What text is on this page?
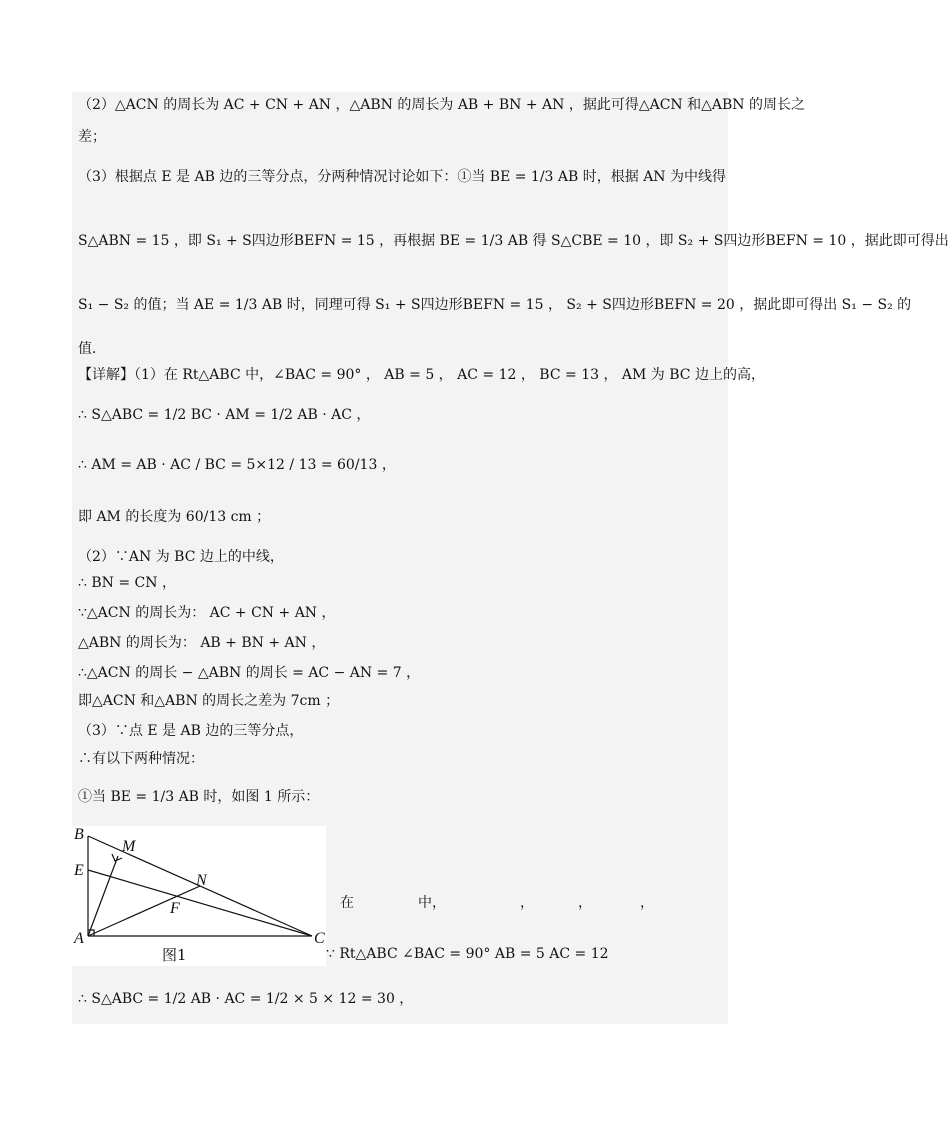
（2）△ACN 的周长为 AC + CN + AN ，△ABN 的周长为 AB + BN + AN ，据此可得△ACN 和△ABN 的周长之
差；
（3）根据点 E 是 AB 边的三等分点，分两种情况讨论如下：①当 BE = 1/3 AB 时，根据 AN 为中线得
S△ABN = 15 ，即 S₁ + S四边形BEFN = 15 ，再根据 BE = 1/3 AB 得 S△CBE = 10 ，即 S₂ + S四边形BEFN = 10 ，据此即可得出
S₁ − S₂ 的值；当 AE = 1/3 AB 时，同理可得 S₁ + S四边形BEFN = 15 ， S₂ + S四边形BEFN = 20 ，据此即可得出 S₁ − S₂ 的
值．
【详解】（1）在 Rt△ABC 中，∠BAC = 90° ， AB = 5 ， AC = 12 ， BC = 13 ， AM 为 BC 边上的高，
∴ S△ABC = 1/2 BC · AM = 1/2 AB · AC ，
∴ AM = AB · AC / BC = 5×12 / 13 = 60/13 ，
即 AM 的长度为 60/13 cm ；
（2）∵AN 为 BC 边上的中线，
∴ BN = CN ，
∵△ACN 的周长为： AC + CN + AN ，
△ABN 的周长为： AB + BN + AN ，
∴△ACN 的周长 − △ABN 的周长 = AC − AN = 7 ，
即△ACN 和△ABN 的周长之差为 7cm ；
（3）∵点 E 是 AB 边的三等分点，
∴有以下两种情况：
①当 BE = 1/3 AB 时，如图 1 所示：
∴ S△ABC = 1/2 AB · AC = 1/2 × 5 × 12 = 30 ，
B
M
E
N
F
A	C
图1
在	中，	，	，	，
∵ Rt△ABC ∠BAC = 90° AB = 5 AC = 12
